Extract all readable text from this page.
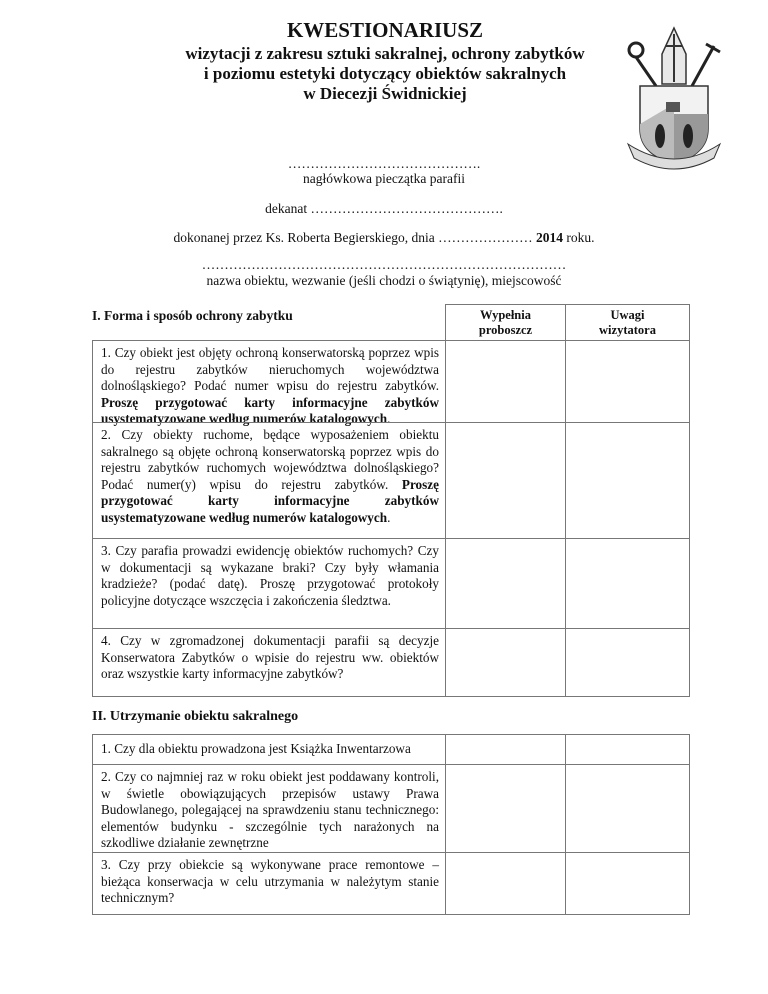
KWESTIONARIUSZ
wizytacji z zakresu sztuki sakralnej, ochrony zabytków
i poziomu estetyki dotyczący obiektów sakralnych
w Diecezji Świdnickiej
…………………………………….
nagłówkowa pieczątka parafii
dekanat …………………………………….
dokonanej przez Ks. Roberta Begierskiego, dnia ………………… 2014 roku.
………………………………………………………………………
nazwa obiektu, wezwanie (jeśli chodzi o świątynię), miejscowość
I. Forma i sposób ochrony zabytku	Wypełnia proboszcz
Uwagi wizytatora
1. Czy obiekt jest objęty ochroną konserwatorską poprzez wpis do rejestru zabytków nieruchomych województwa dolnośląskiego? Podać numer wpisu do rejestru zabytków. Proszę przygotować karty informacyjne zabytków usystematyzowane według numerów katalogowych.
2. Czy obiekty ruchome, będące wyposażeniem obiektu sakralnego są objęte ochroną konserwatorską poprzez wpis do rejestru zabytków ruchomych województwa dolnośląskiego? Podać numer(y) wpisu do rejestru zabytków. Proszę przygotować karty informacyjne zabytków usystematyzowane według numerów katalogowych.
3. Czy parafia prowadzi ewidencję obiektów ruchomych? Czy w dokumentacji są wykazane braki? Czy były włamania kradzieże? (podać datę). Proszę przygotować protokoły policyjne dotyczące wszczęcia i zakończenia śledztwa.
4. Czy w zgromadzonej dokumentacji parafii są decyzje Konserwatora Zabytków o wpisie do rejestru ww. obiektów oraz wszystkie karty informacyjne zabytków?
II. Utrzymanie obiektu sakralnego
1. Czy dla obiektu prowadzona jest Książka Inwentarzowa
2. Czy co najmniej raz w roku obiekt jest poddawany kontroli, w świetle obowiązujących przepisów ustawy Prawa Budowlanego, polegającej na sprawdzeniu stanu technicznego: elementów budynku - szczególnie tych narażonych na szkodliwe działanie zewnętrzne
3. Czy przy obiekcie są wykonywane prace remontowe – bieżąca konserwacja w celu utrzymania w należytym stanie technicznym?
